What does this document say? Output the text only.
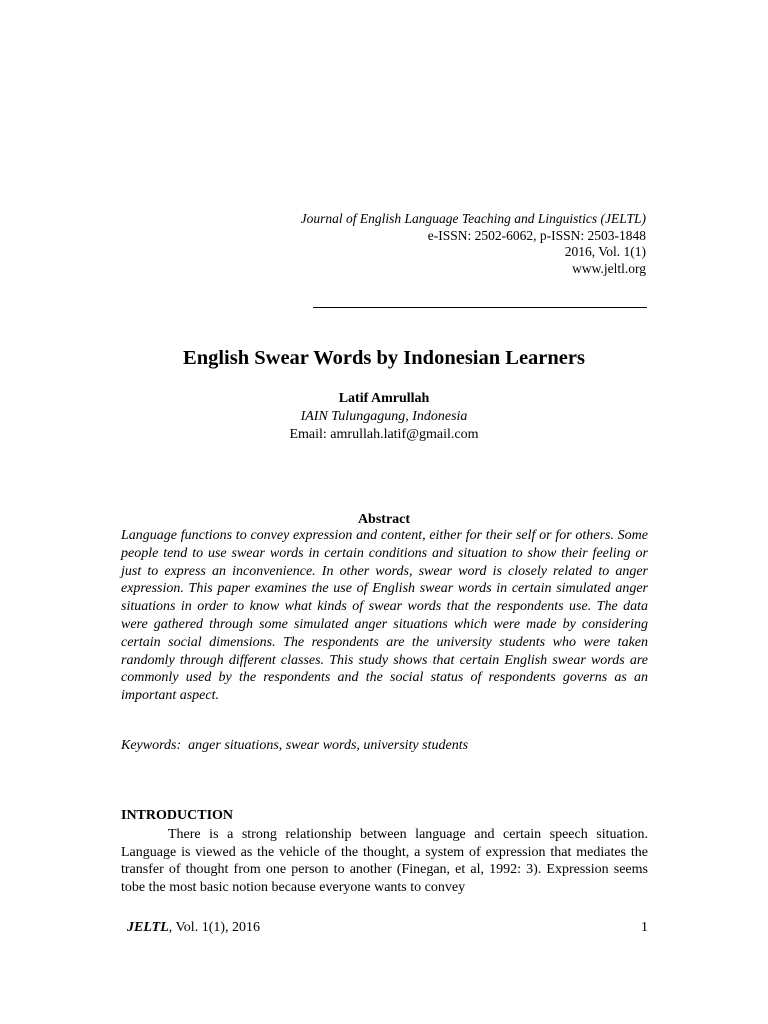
Journal of English Language Teaching and Linguistics (JELTL)
e-ISSN: 2502-6062, p-ISSN: 2503-1848
2016, Vol. 1(1)
www.jeltl.org
English Swear Words by Indonesian Learners
Latif Amrullah
IAIN Tulungagung, Indonesia
Email: amrullah.latif@gmail.com
Abstract

Language functions to convey expression and content, either for their self or for others. Some people tend to use swear words in certain conditions and situation to show their feeling or just to express an inconvenience. In other words, swear word is closely related to anger expression. This paper examines the use of English swear words in certain simulated anger situations in order to know what kinds of swear words that the respondents use. The data were gathered through some simulated anger situations which were made by considering certain social dimensions. The respondents are the university students who were taken randomly through different classes. This study shows that certain English swear words are commonly used by the respondents and the social status of respondents governs as an important aspect.

Keywords: anger situations, swear words, university students

INTRODUCTION

There is a strong relationship between language and certain speech situation. Language is viewed as the vehicle of the thought, a system of expression that mediates the transfer of thought from one person to another (Finegan, et al, 1992: 3). Expression seems tobe the most basic notion because everyone wants to convey

JELTL, Vol. 1(1), 2016	1
